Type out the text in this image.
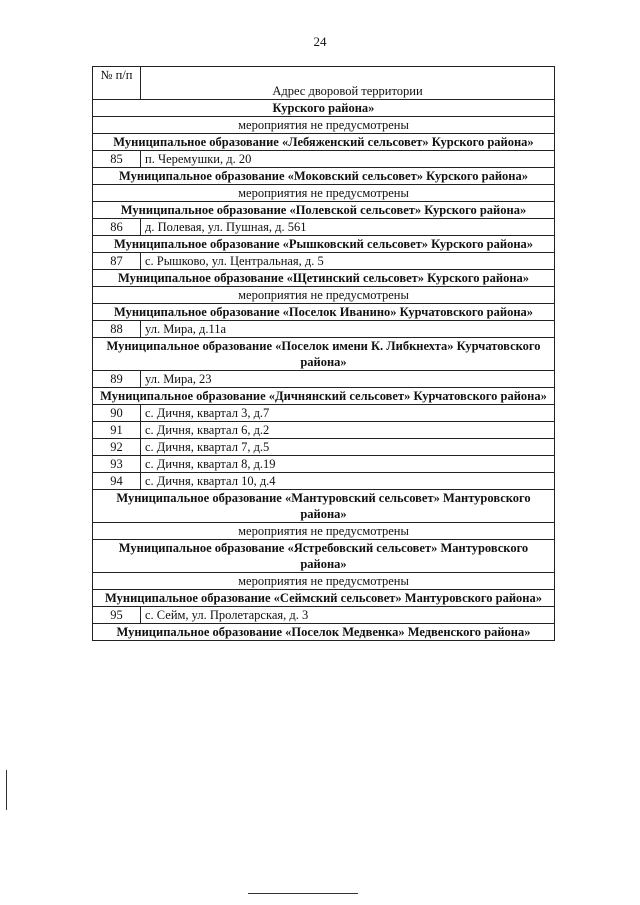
24
№ п/п	Адрес дворовой территории
Курского района»	
мероприятия не предусмотрены	
Муниципальное образование «Лебяженский сельсовет» Курского района»	
85	п. Черемушки, д. 20
Муниципальное образование «Моковский сельсовет» Курского района»	
мероприятия не предусмотрены	
Муниципальное образование «Полевской сельсовет» Курского района»	
86	д. Полевая, ул. Пушная, д. 561
Муниципальное образование «Рышковский сельсовет» Курского района»	
87	с. Рышково, ул. Центральная, д. 5
Муниципальное образование «Щетинский сельсовет» Курского района»	
мероприятия не предусмотрены	
Муниципальное образование «Поселок Иванино» Курчатовского района»	
88	ул. Мира, д.11а
Муниципальное образование «Поселок имени К. Либкнехта» Курчатовского района»	
89	ул. Мира, 23
Муниципальное образование «Дичнянский сельсовет» Курчатовского района»	
90	с. Дичня, квартал 3, д.7
91	с. Дичня, квартал 6, д.2
92	с. Дичня, квартал 7, д.5
93	с. Дичня, квартал 8, д.19
94	с. Дичня, квартал 10, д.4
Муниципальное образование «Мантуровский сельсовет» Мантуровского района»	
мероприятия не предусмотрены	
Муниципальное образование «Ястребовский сельсовет» Мантуровского района»	
мероприятия не предусмотрены	
Муниципальное образование «Сеймский сельсовет» Мантуровского района»	
95	с. Сейм, ул. Пролетарская, д. 3
Муниципальное образование «Поселок Медвенка» Медвенского района»	
